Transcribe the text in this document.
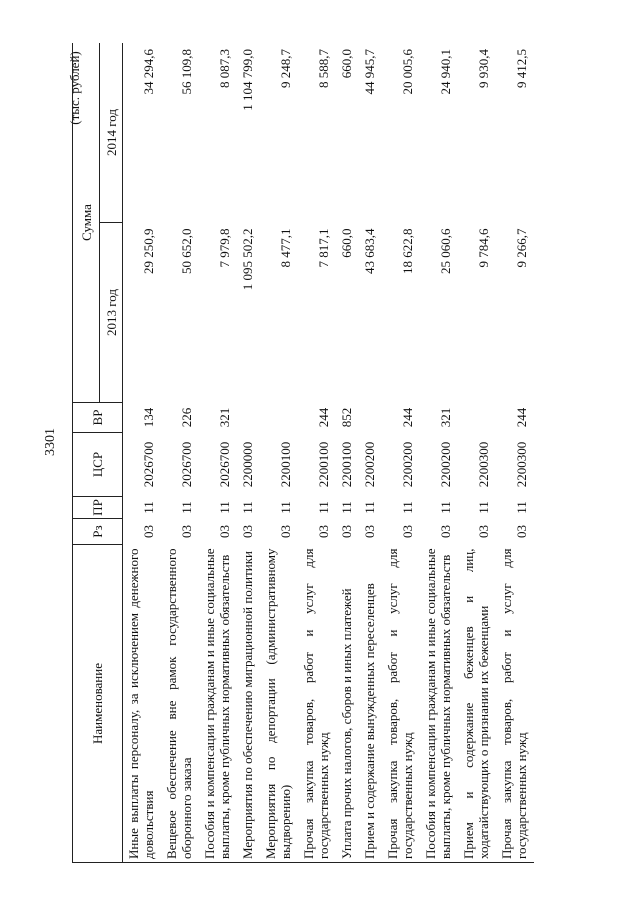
3301
(тыс. рублей)
Наименование	Рз	ПР	ЦСР	ВР	Сумма	
					2013 год	2014 год
Иные выплаты персоналу, за исключением денежного довольствия	03	11	2026700	134	29 250,9	34 294,6
Вещевое обеспечение вне рамок государственного оборонного заказа	03	11	2026700	226	50 652,0	56 109,8
Пособия и компенсации гражданам и иные социальные выплаты, кроме публичных нормативных обязательств	03	11	2026700	321	7 979,8	8 087,3
Мероприятия по обеспечению миграционной политики	03	11	2200000		1 095 502,2	1 104 799,0
Мероприятия по депортации (административному выдворению)	03	11	2200100		8 477,1	9 248,7
Прочая закупка товаров, работ и услуг для государственных нужд	03	11	2200100	244	7 817,1	8 588,7
Уплата прочих налогов, сборов и иных платежей	03	11	2200100	852	660,0	660,0
Прием и содержание вынужденных переселенцев	03	11	2200200		43 683,4	44 945,7
Прочая закупка товаров, работ и услуг для государственных нужд	03	11	2200200	244	18 622,8	20 005,6
Пособия и компенсации гражданам и иные социальные выплаты, кроме публичных нормативных обязательств	03	11	2200200	321	25 060,6	24 940,1
Прием и содержание беженцев и лиц, ходатайствующих о признании их беженцами	03	11	2200300		9 784,6	9 930,4
Прочая закупка товаров, работ и услуг для государственных нужд	03	11	2200300	244	9 266,7	9 412,5
